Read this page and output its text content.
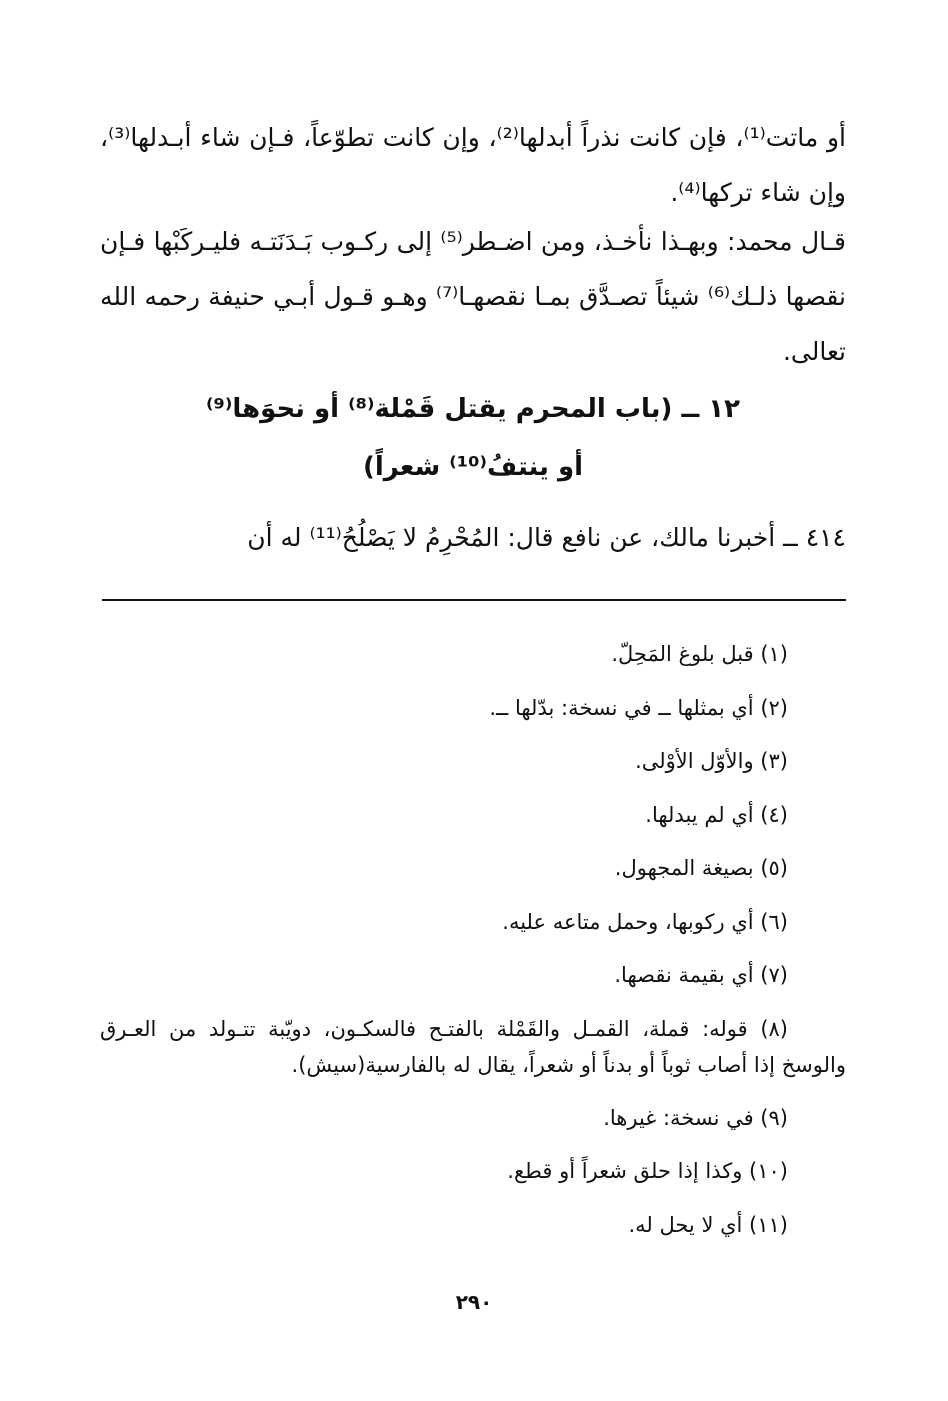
أو ماتت⁽¹⁾، فإن كانت نذراً أبدلها⁽²⁾، وإن كانت تطوّعاً، فـإن شاء أبـدلها⁽³⁾، وإن شاء تركها⁽⁴⁾.
قـال محمد: وبهـذا نأخـذ، ومن اضـطر⁽⁵⁾ إلى ركـوب بَـدَنَتـه فليـركَبْها فـإن نقصها ذلـك⁽⁶⁾ شيئاً تصـدَّق بمـا نقصهـا⁽⁷⁾ وهـو قـول أبـي حنيفة رحمه الله تعالى.
١٢ ــ (باب المحرم يقتل قَمْلة⁽⁸⁾ أو نحوَها⁽⁹⁾
أو ينتفُ⁽¹⁰⁾ شعراً)
٤١٤ ــ أخبرنا مالك، عن نافع قال: المُحْرِمُ لا يَصْلُحُ⁽¹¹⁾ له أن
(١) قبل بلوغ المَحِلّ.
(٢) أي بمثلها ــ في نسخة: بدّلها ــ.
(٣) والأوّل الأوْلى.
(٤) أي لم يبدلها.
(٥) بصيغة المجهول.
(٦) أي ركوبها، وحمل متاعه عليه.
(٧) أي بقيمة نقصها.
(٨) قوله: قملة، القمـل والقَمْلة بالفتـح فالسكـون، دويّبة تتـولد من العـرق والوسخ إذا أصاب ثوباً أو بدناً أو شعراً، يقال له بالفارسية(سيش).
(٩) في نسخة: غيرها.
(١٠) وكذا إذا حلق شعراً أو قطع.
(١١) أي لا يحل له.
٢٩٠
